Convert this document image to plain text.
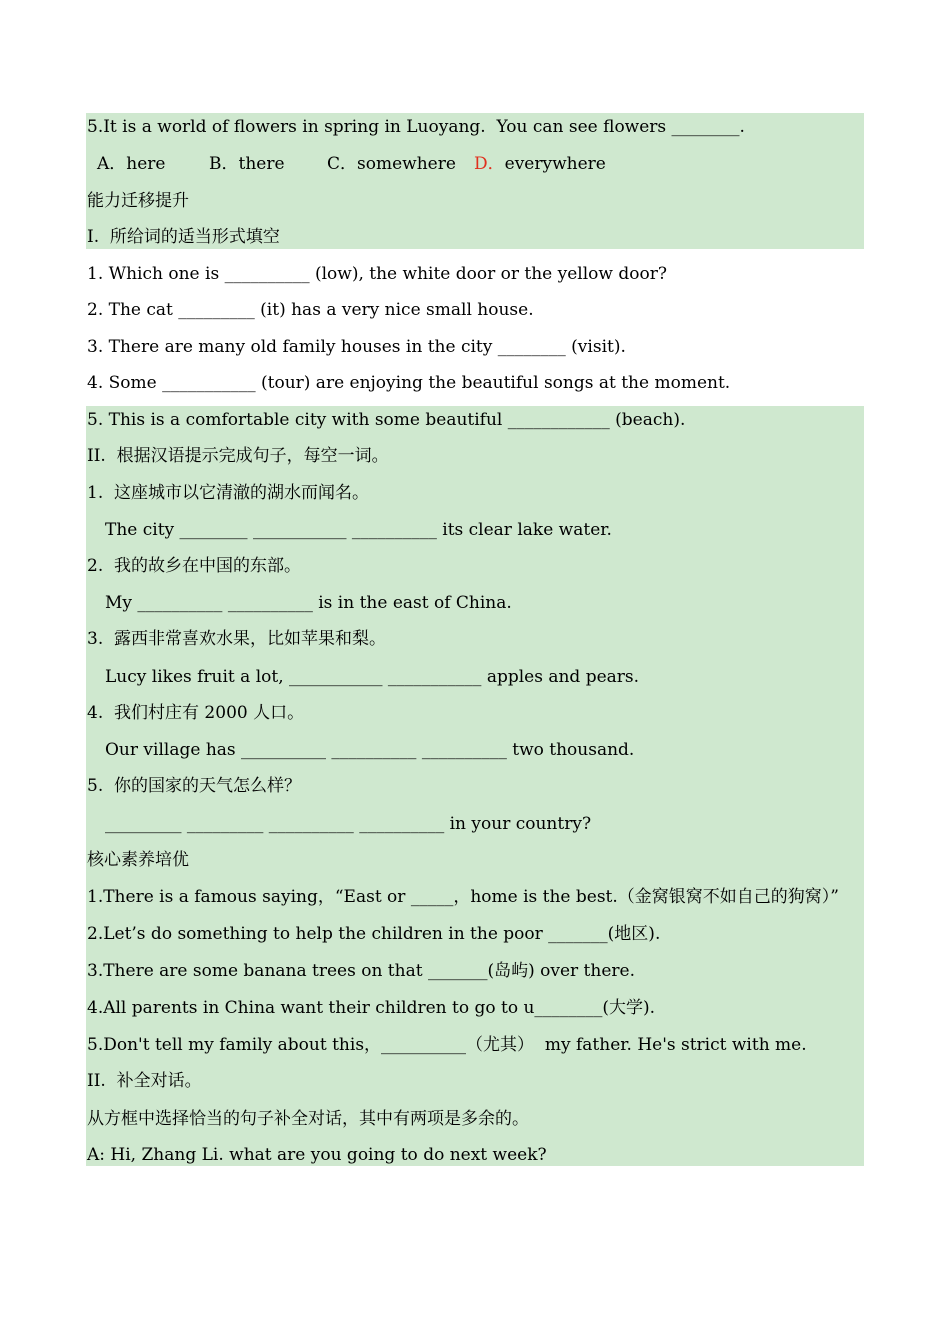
5.It is a world of flowers in spring in Luoyang.  You can see flowers ________.
A．here	B．there C．somewhere D．everywhere
能力迁移提升
I.  所给词的适当形式填空
1. Which one is __________ (low), the white door or the yellow door?
2. The cat _________ (it) has a very nice small house.
3. There are many old family houses in the city ________ (visit).
4. Some ___________ (tour) are enjoying the beautiful songs at the moment.
5. This is a comfortable city with some beautiful ____________ (beach).
II.  根据汉语提示完成句子，每空一词。
1.  这座城市以它清澈的湖水而闻名。
The city ________ ___________ __________ its clear lake water.
2.  我的故乡在中国的东部。
My __________ __________ is in the east of China.
3.  露西非常喜欢水果，比如苹果和梨。
Lucy likes fruit a lot, ___________ ___________ apples and pears.
4.  我们村庄有 2000 人口。
Our village has __________ __________ __________ two thousand.
5.  你的国家的天气怎么样？
_________ _________ __________ __________ in your country?
核心素养培优
1.There is a famous saying，“East or _____，home is the best.（金窝银窝不如自己的狗窝）”
2.Let’s do something to help the children in the poor _______(地区).
3.There are some banana trees on that _______(岛屿) over there.
4.All parents in China want their children to go to u________(大学).
5.Don't tell my family about this，__________（尤其）  my father. He's strict with me.
II.  补全对话。
从方框中选择恰当的句子补全对话，其中有两项是多余的。
A: Hi, Zhang Li. what are you going to do next week?
